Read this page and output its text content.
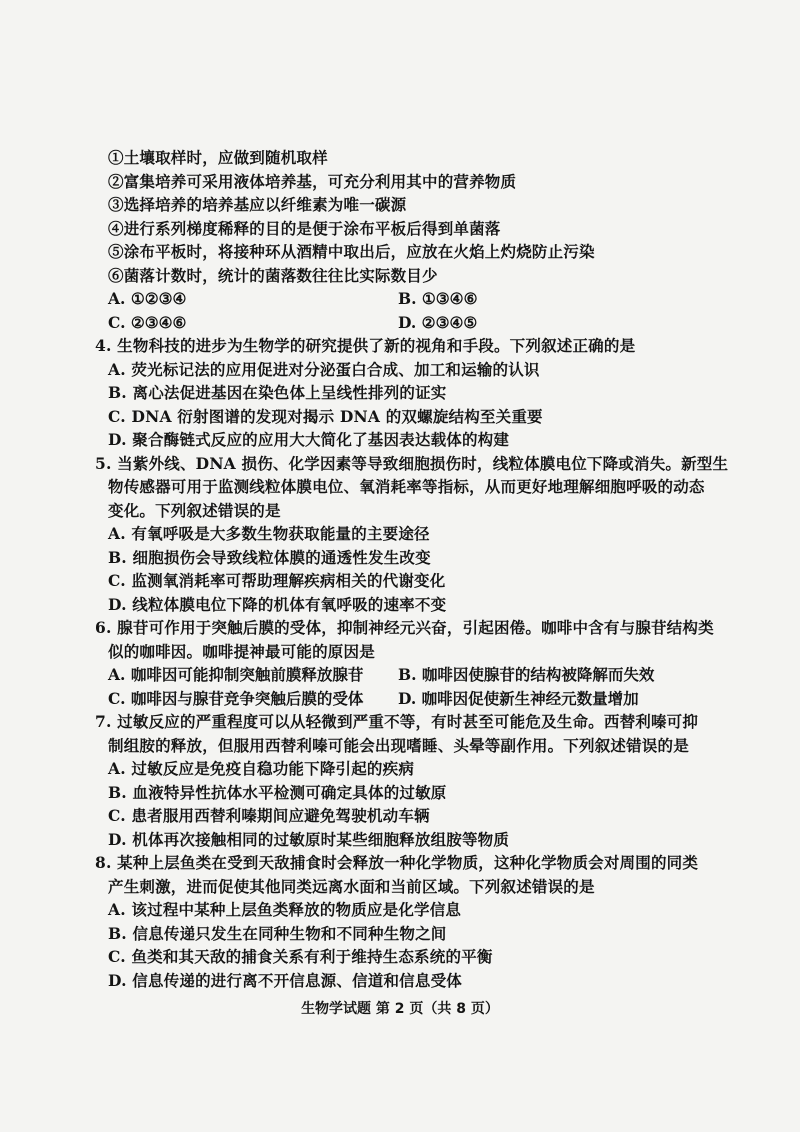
①土壤取样时，应做到随机取样
②富集培养可采用液体培养基，可充分利用其中的营养物质
③选择培养的培养基应以纤维素为唯一碳源
④进行系列梯度稀释的目的是便于涂布平板后得到单菌落
⑤涂布平板时，将接种环从酒精中取出后，应放在火焰上灼烧防止污染
⑥菌落计数时，统计的菌落数往往比实际数目少
A. ①②③④	B. ①③④⑥
C. ②③④⑥	D. ②③④⑤
4. 生物科技的进步为生物学的研究提供了新的视角和手段。下列叙述正确的是
A. 荧光标记法的应用促进对分泌蛋白合成、加工和运输的认识
B. 离心法促进基因在染色体上呈线性排列的证实
C. DNA 衍射图谱的发现对揭示 DNA 的双螺旋结构至关重要
D. 聚合酶链式反应的应用大大简化了基因表达载体的构建
5. 当紫外线、DNA 损伤、化学因素等导致细胞损伤时，线粒体膜电位下降或消失。新型生
物传感器可用于监测线粒体膜电位、氧消耗率等指标，从而更好地理解细胞呼吸的动态
变化。下列叙述错误的是
A. 有氧呼吸是大多数生物获取能量的主要途径
B. 细胞损伤会导致线粒体膜的通透性发生改变
C. 监测氧消耗率可帮助理解疾病相关的代谢变化
D. 线粒体膜电位下降的机体有氧呼吸的速率不变
6. 腺苷可作用于突触后膜的受体，抑制神经元兴奋，引起困倦。咖啡中含有与腺苷结构类
似的咖啡因。咖啡提神最可能的原因是
A. 咖啡因可能抑制突触前膜释放腺苷	B. 咖啡因使腺苷的结构被降解而失效
C. 咖啡因与腺苷竞争突触后膜的受体	D. 咖啡因促使新生神经元数量增加
7. 过敏反应的严重程度可以从轻微到严重不等，有时甚至可能危及生命。西替利嗪可抑
制组胺的释放，但服用西替利嗪可能会出现嗜睡、头晕等副作用。下列叙述错误的是
A. 过敏反应是免疫自稳功能下降引起的疾病
B. 血液特异性抗体水平检测可确定具体的过敏原
C. 患者服用西替利嗪期间应避免驾驶机动车辆
D. 机体再次接触相同的过敏原时某些细胞释放组胺等物质
8. 某种上层鱼类在受到天敌捕食时会释放一种化学物质，这种化学物质会对周围的同类
产生刺激，进而促使其他同类远离水面和当前区域。下列叙述错误的是
A. 该过程中某种上层鱼类释放的物质应是化学信息
B. 信息传递只发生在同种生物和不同种生物之间
C. 鱼类和其天敌的捕食关系有利于维持生态系统的平衡
D. 信息传递的进行离不开信息源、信道和信息受体
生物学试题 第 2 页（共 8 页）
